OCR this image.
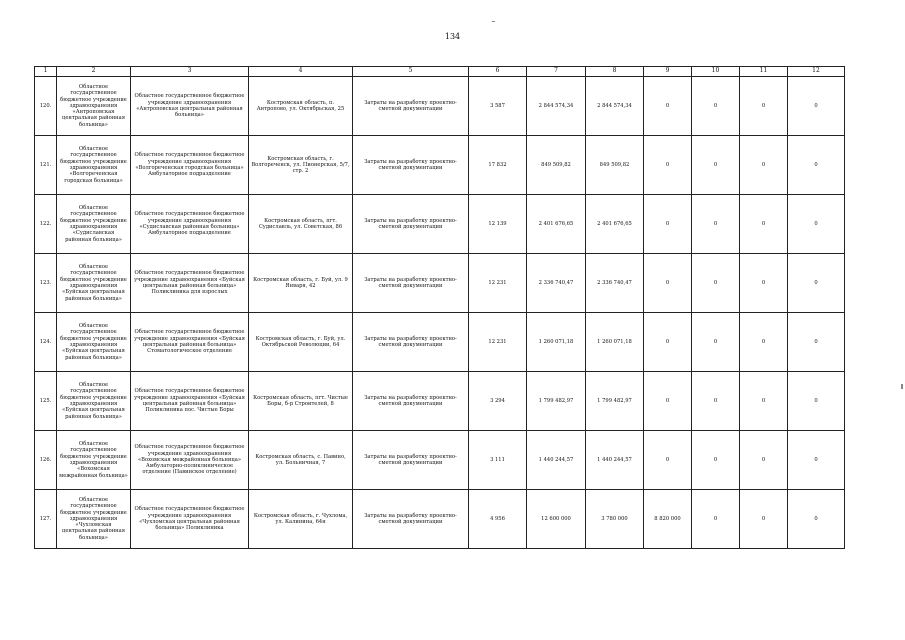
134
1	2	3	4	5	6	7	8	9	10	11	12
120.	Областное государственное бюджетное учреждение здравоохранения «Антроповская центральная районная больница»	Областное государственное бюджетное учреждение здравоохранения «Антроповская центральная районная больница»	Костромская область, п. Антропово, ул. Октябрьская, 25	Затраты на разработку проектно-сметной документации	3 587	2 844 574,34	2 844 574,34	0	0	0	0
121.	Областное государственное бюджетное учреждение здравоохранения «Волгореченская городская больница»	Областное государственное бюджетное учреждение здравоохранения «Волгореченская городская больница» Амбулаторное подразделение	Костромская область, г. Волгореченск, ул. Пионерская, 5/7, стр. 2	Затраты на разработку проектно-сметной документации	17 832	849 509,82	849 509,82	0	0	0	0
122.	Областное государственное бюджетное учреждение здравоохранения «Судиславская районная больница»	Областное государственное бюджетное учреждение здравоохранения «Судиславская районная больница» Амбулаторное подразделение	Костромская область, пгт. Судиславль, ул. Советская, 86	Затраты на разработку проектно-сметной документации	12 139	2 401 676,65	2 401 676,65	0	0	0	0
123.	Областное государственное бюджетное учреждение здравоохранения «Буйская центральная районная больница»	Областное государственное бюджетное учреждение здравоохранения «Буйская центральная районная больница» Поликлиника для взрослых	Костромская область, г. Буй, ул. 9 Января, 42	Затраты на разработку проектно-сметной документации	12 231	2 336 740,47	2 336 740,47	0	0	0	0
124.	Областное государственное бюджетное учреждение здравоохранения «Буйская центральная районная больница»	Областное государственное бюджетное учреждение здравоохранения «Буйская центральная районная больница» Стоматологическое отделение	Костромская область, г. Буй, ул. Октябрьской Революции, 64	Затраты на разработку проектно-сметной документации	12 231	1 260 071,18	1 260 071,18	0	0	0	0
125.	Областное государственное бюджетное учреждение здравоохранения «Буйская центральная районная больница»	Областное государственное бюджетное учреждение здравоохранения «Буйская центральная районная больница» Поликлиника пос. Чистые Боры	Костромская область, пгт. Чистые Боры, б-р Строителей, 8	Затраты на разработку проектно-сметной документации	3 294	1 799 482,97	1 799 482,97	0	0	0	0
126.	Областное государственное бюджетное учреждение здравоохранения «Вохомская межрайонная больница»	Областное государственное бюджетное учреждение здравоохранения «Вохомская межрайонная больница» Амбулаторно-поликлиническое отделение (Павинское отделение)	Костромская область, с. Павино, ул. Больничная, 7	Затраты на разработку проектно-сметной документации	3 111	1 440 244,57	1 440 244,57	0	0	0	0
127.	Областное государственное бюджетное учреждение здравоохранения «Чухломская центральная районная больница»	Областное государственное бюджетное учреждение здравоохранения «Чухломская центральная районная больница» Поликлиника	Костромская область, г. Чухлома, ул. Калинина, 64н	Затраты на разработку проектно-сметной документации	4 956	12 600 000	3 780 000	8 820 000	0	0	0
